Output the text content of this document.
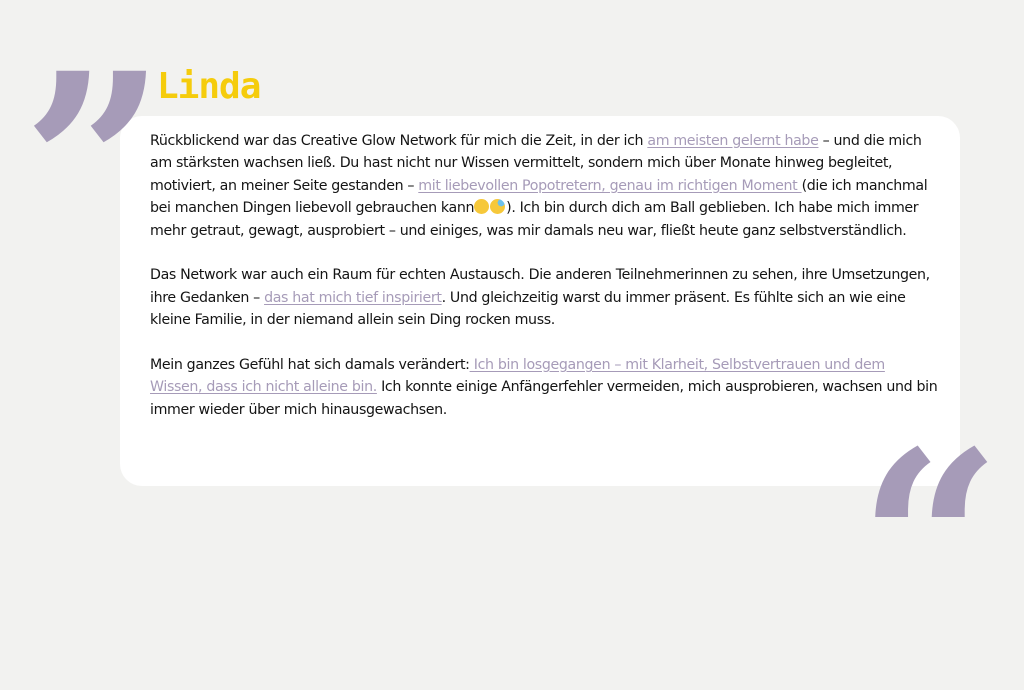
”
“
Linda

Rückblickend war das Creative Glow Network für mich die Zeit, in der ich am meisten gelernt habe – und die mich am stärksten wachsen ließ. Du hast nicht nur Wissen vermittelt, sondern mich über Monate hinweg begleitet, motiviert, an meiner Seite gestanden – mit liebevollen Popotretern, genau im richtigen Moment (die ich manchmal bei manchen Dingen liebevoll gebrauchen kann ). Ich bin durch dich am Ball geblieben. Ich habe mich immer mehr getraut, gewagt, ausprobiert – und einiges, was mir damals neu war, fließt heute ganz selbstverständlich.

Das Network war auch ein Raum für echten Austausch. Die anderen Teilnehmerinnen zu sehen, ihre Umsetzungen, ihre Gedanken – das hat mich tief inspiriert. Und gleichzeitig warst du immer präsent. Es fühlte sich an wie eine kleine Familie, in der niemand allein sein Ding rocken muss.

Mein ganzes Gefühl hat sich damals verändert: Ich bin losgegangen – mit Klarheit, Selbstvertrauen und dem Wissen, dass ich nicht alleine bin. Ich konnte einige Anfängerfehler vermeiden, mich ausprobieren, wachsen und bin immer wieder über mich hinausgewachsen.
